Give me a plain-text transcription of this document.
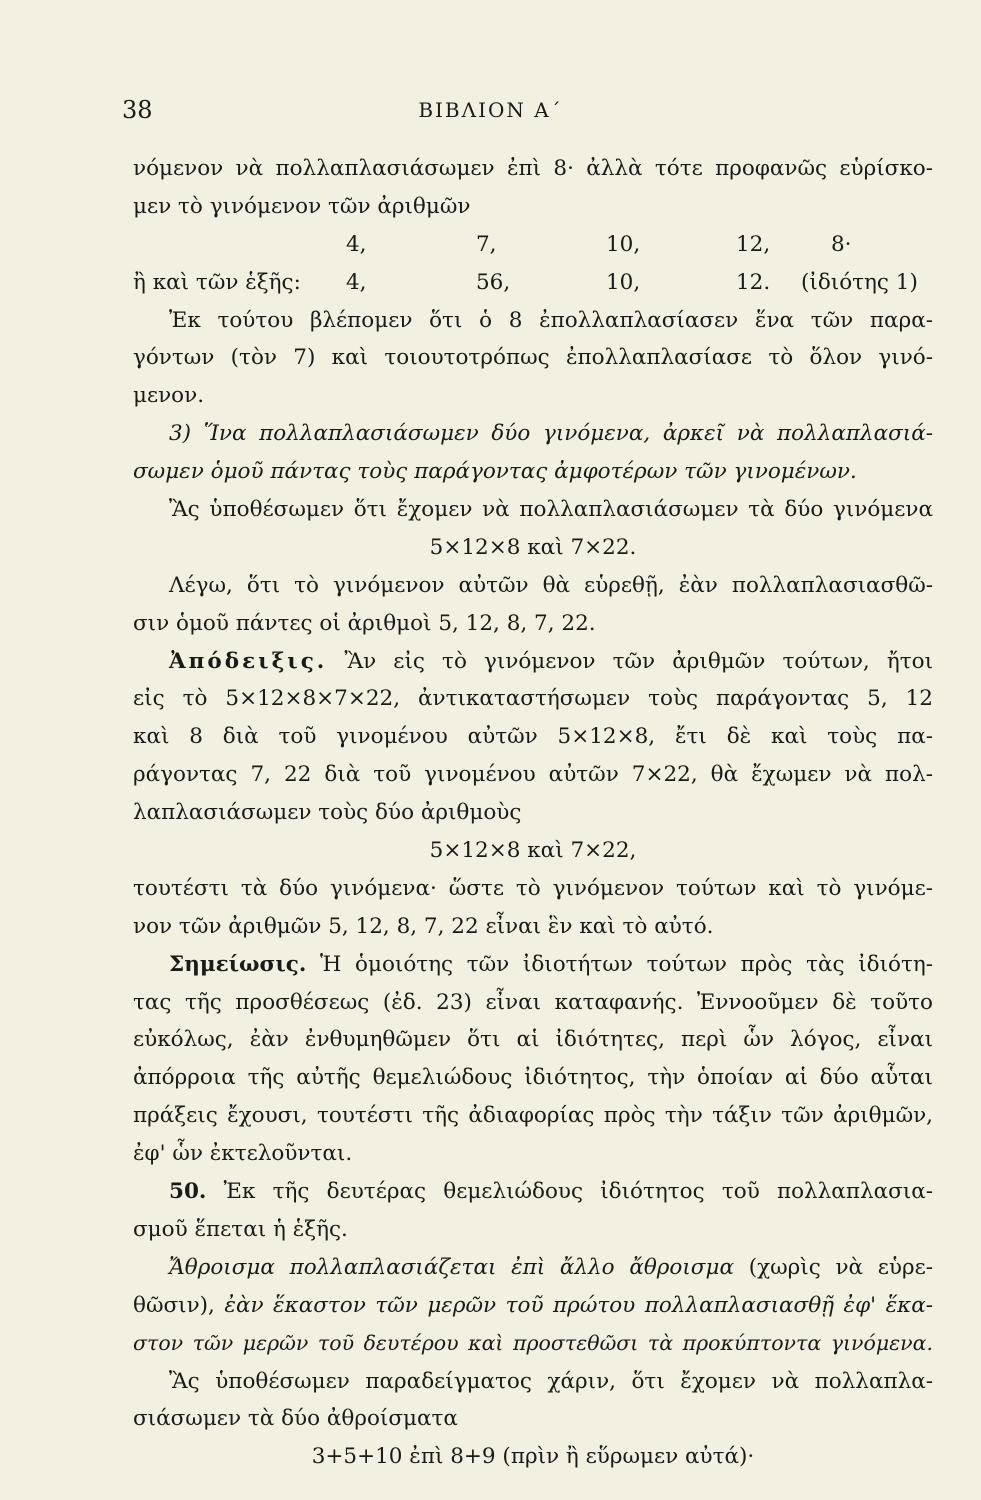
38	ΒΙΒΛΙΟΝ Α΄
νόμενον νὰ πολλαπλασιάσωμεν ἐπὶ 8· ἀλλὰ τότε προφανῶς εὑρίσκο-
μεν τὸ γινόμενον τῶν ἀριθμῶν
4,	7,	10,	12,	8·
ἢ καὶ τῶν ἑξῆς:	4,	56,	10,	12.	(ἰδιότης 1)
Ἐκ τούτου βλέπομεν ὅτι ὁ 8 ἐπολλαπλασίασεν ἕνα τῶν παρα-
γόντων (τὸν 7) καὶ τοιουτοτρόπως ἐπολλαπλασίασε τὸ ὅλον γινό-
μενον.
3) Ἵνα πολλαπλασιάσωμεν δύο γινόμενα, ἀρκεῖ νὰ πολλαπλασιά-
σωμεν ὁμοῦ πάντας τοὺς παράγοντας ἀμφοτέρων τῶν γινομένων.
Ἂς ὑποθέσωμεν ὅτι ἔχομεν νὰ πολλαπλασιάσωμεν τὰ δύο γινόμενα
5×12×8 καὶ 7×22.
Λέγω, ὅτι τὸ γινόμενον αὐτῶν θὰ εὑρεθῇ, ἐὰν πολλαπλασιασθῶ-
σιν ὁμοῦ πάντες οἱ ἀριθμοὶ 5, 12, 8, 7, 22.
Ἀπόδειξις. Ἂν εἰς τὸ γινόμενον τῶν ἀριθμῶν τούτων, ἤτοι
εἰς τὸ 5×12×8×7×22, ἀντικαταστήσωμεν τοὺς παράγοντας 5, 12
καὶ 8 διὰ τοῦ γινομένου αὐτῶν 5×12×8, ἔτι δὲ καὶ τοὺς πα-
ράγοντας 7, 22 διὰ τοῦ γινομένου αὐτῶν 7×22, θὰ ἔχωμεν νὰ πολ-
λαπλασιάσωμεν τοὺς δύο ἀριθμοὺς
5×12×8 καὶ 7×22,
τουτέστι τὰ δύο γινόμενα· ὥστε τὸ γινόμενον τούτων καὶ τὸ γινόμε-
νον τῶν ἀριθμῶν 5, 12, 8, 7, 22 εἶναι ἓν καὶ τὸ αὐτό.
Σημείωσις. Ἡ ὁμοιότης τῶν ἰδιοτήτων τούτων πρὸς τὰς ἰδιότη-
τας τῆς προσθέσεως (ἐδ. 23) εἶναι καταφανής. Ἐννοοῦμεν δὲ τοῦτο
εὐκόλως, ἐὰν ἐνθυμηθῶμεν ὅτι αἱ ἰδιότητες, περὶ ὧν λόγος, εἶναι
ἀπόρροια τῆς αὐτῆς θεμελιώδους ἰδιότητος, τὴν ὁποίαν αἱ δύο αὗται
πράξεις ἔχουσι, τουτέστι τῆς ἀδιαφορίας πρὸς τὴν τάξιν τῶν ἀριθμῶν,
ἐφ' ὧν ἐκτελοῦνται.
50. Ἐκ τῆς δευτέρας θεμελιώδους ἰδιότητος τοῦ πολλαπλασια-
σμοῦ ἕπεται ἡ ἑξῆς.
Ἄθροισμα πολλαπλασιάζεται ἐπὶ ἄλλο ἄθροισμα (χωρὶς νὰ εὑρε-
θῶσιν), ἐὰν ἕκαστον τῶν μερῶν τοῦ πρώτου πολλαπλασιασθῇ ἐφ' ἕκα-
στον τῶν μερῶν τοῦ δευτέρου καὶ προστεθῶσι τὰ προκύπτοντα γινόμενα.
Ἂς ὑποθέσωμεν παραδείγματος χάριν, ὅτι ἔχομεν νὰ πολλαπλα-
σιάσωμεν τὰ δύο ἀθροίσματα
3+5+10 ἐπὶ 8+9 (πρὶν ἢ εὕρωμεν αὐτά)·
